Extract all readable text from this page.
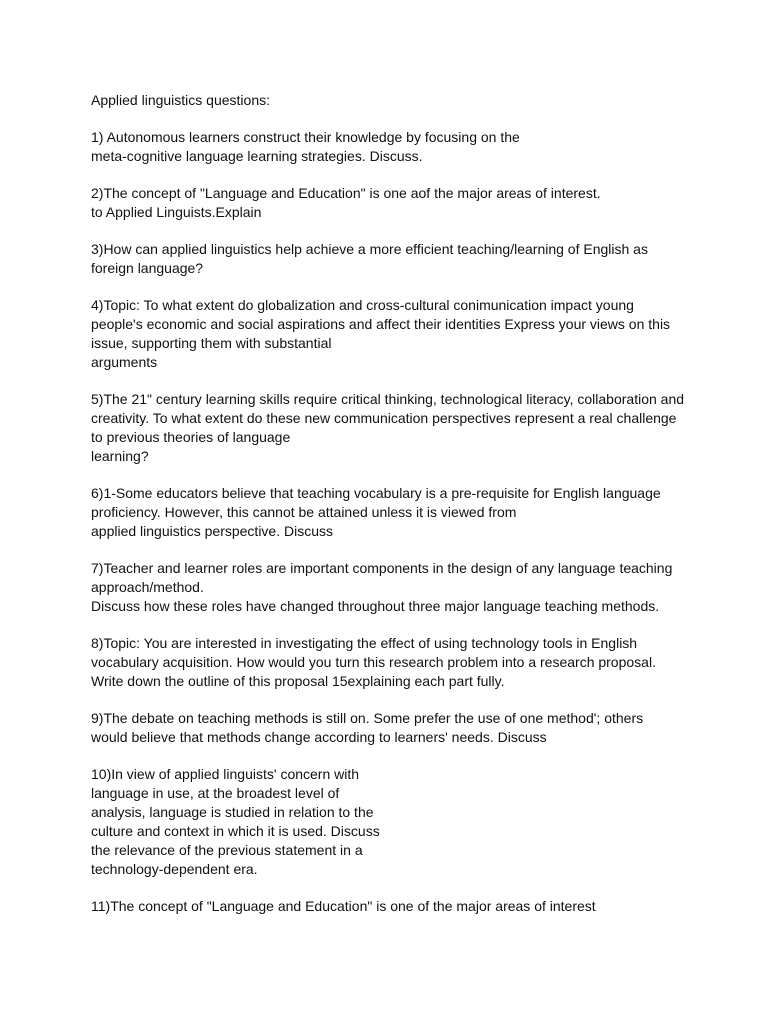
Applied linguistics questions:
1) Autonomous learners construct their knowledge by focusing on the
meta-cognitive language learning strategies. Discuss.
2)The concept of "Language and Education" is one aof the major areas of interest.
to Applied Linguists.Explain
3)How can applied linguistics help achieve a more efficient teaching/learning of English as
foreign language?
4)Topic: To what extent do globalization and cross-cultural conimunication impact young
people's economic and social aspirations and affect their identities Express your views on this
issue, supporting them with substantial
arguments
5)The 21" century learning skills require critical thinking, technological literacy, collaboration and
creativity. To what extent do these new communication perspectives represent a real challenge
to previous theories of language
learning?
6)1-Some educators believe that teaching vocabulary is a pre-requisite for English language
proficiency. However, this cannot be attained unless it is viewed from
applied linguistics perspective. Discuss
7)Teacher and learner roles are important components in the design of any language teaching
approach/method.
Discuss how these roles have changed throughout three major language teaching methods.
8)Topic: You are interested in investigating the effect of using technology tools in English
vocabulary acquisition. How would you turn this research problem into a research proposal.
Write down the outline of this proposal 15explaining each part fully.
9)The debate on teaching methods is still on. Some prefer the use of one method'; others
would believe that methods change according to learners' needs. Discuss
10)In view of applied linguists' concern with
language in use, at the broadest level of
analysis, language is studied in relation to the
culture and context in which it is used. Discuss
the relevance of the previous statement in a
technology-dependent era.
11)The concept of "Language and Education" is one of the major areas of interest
